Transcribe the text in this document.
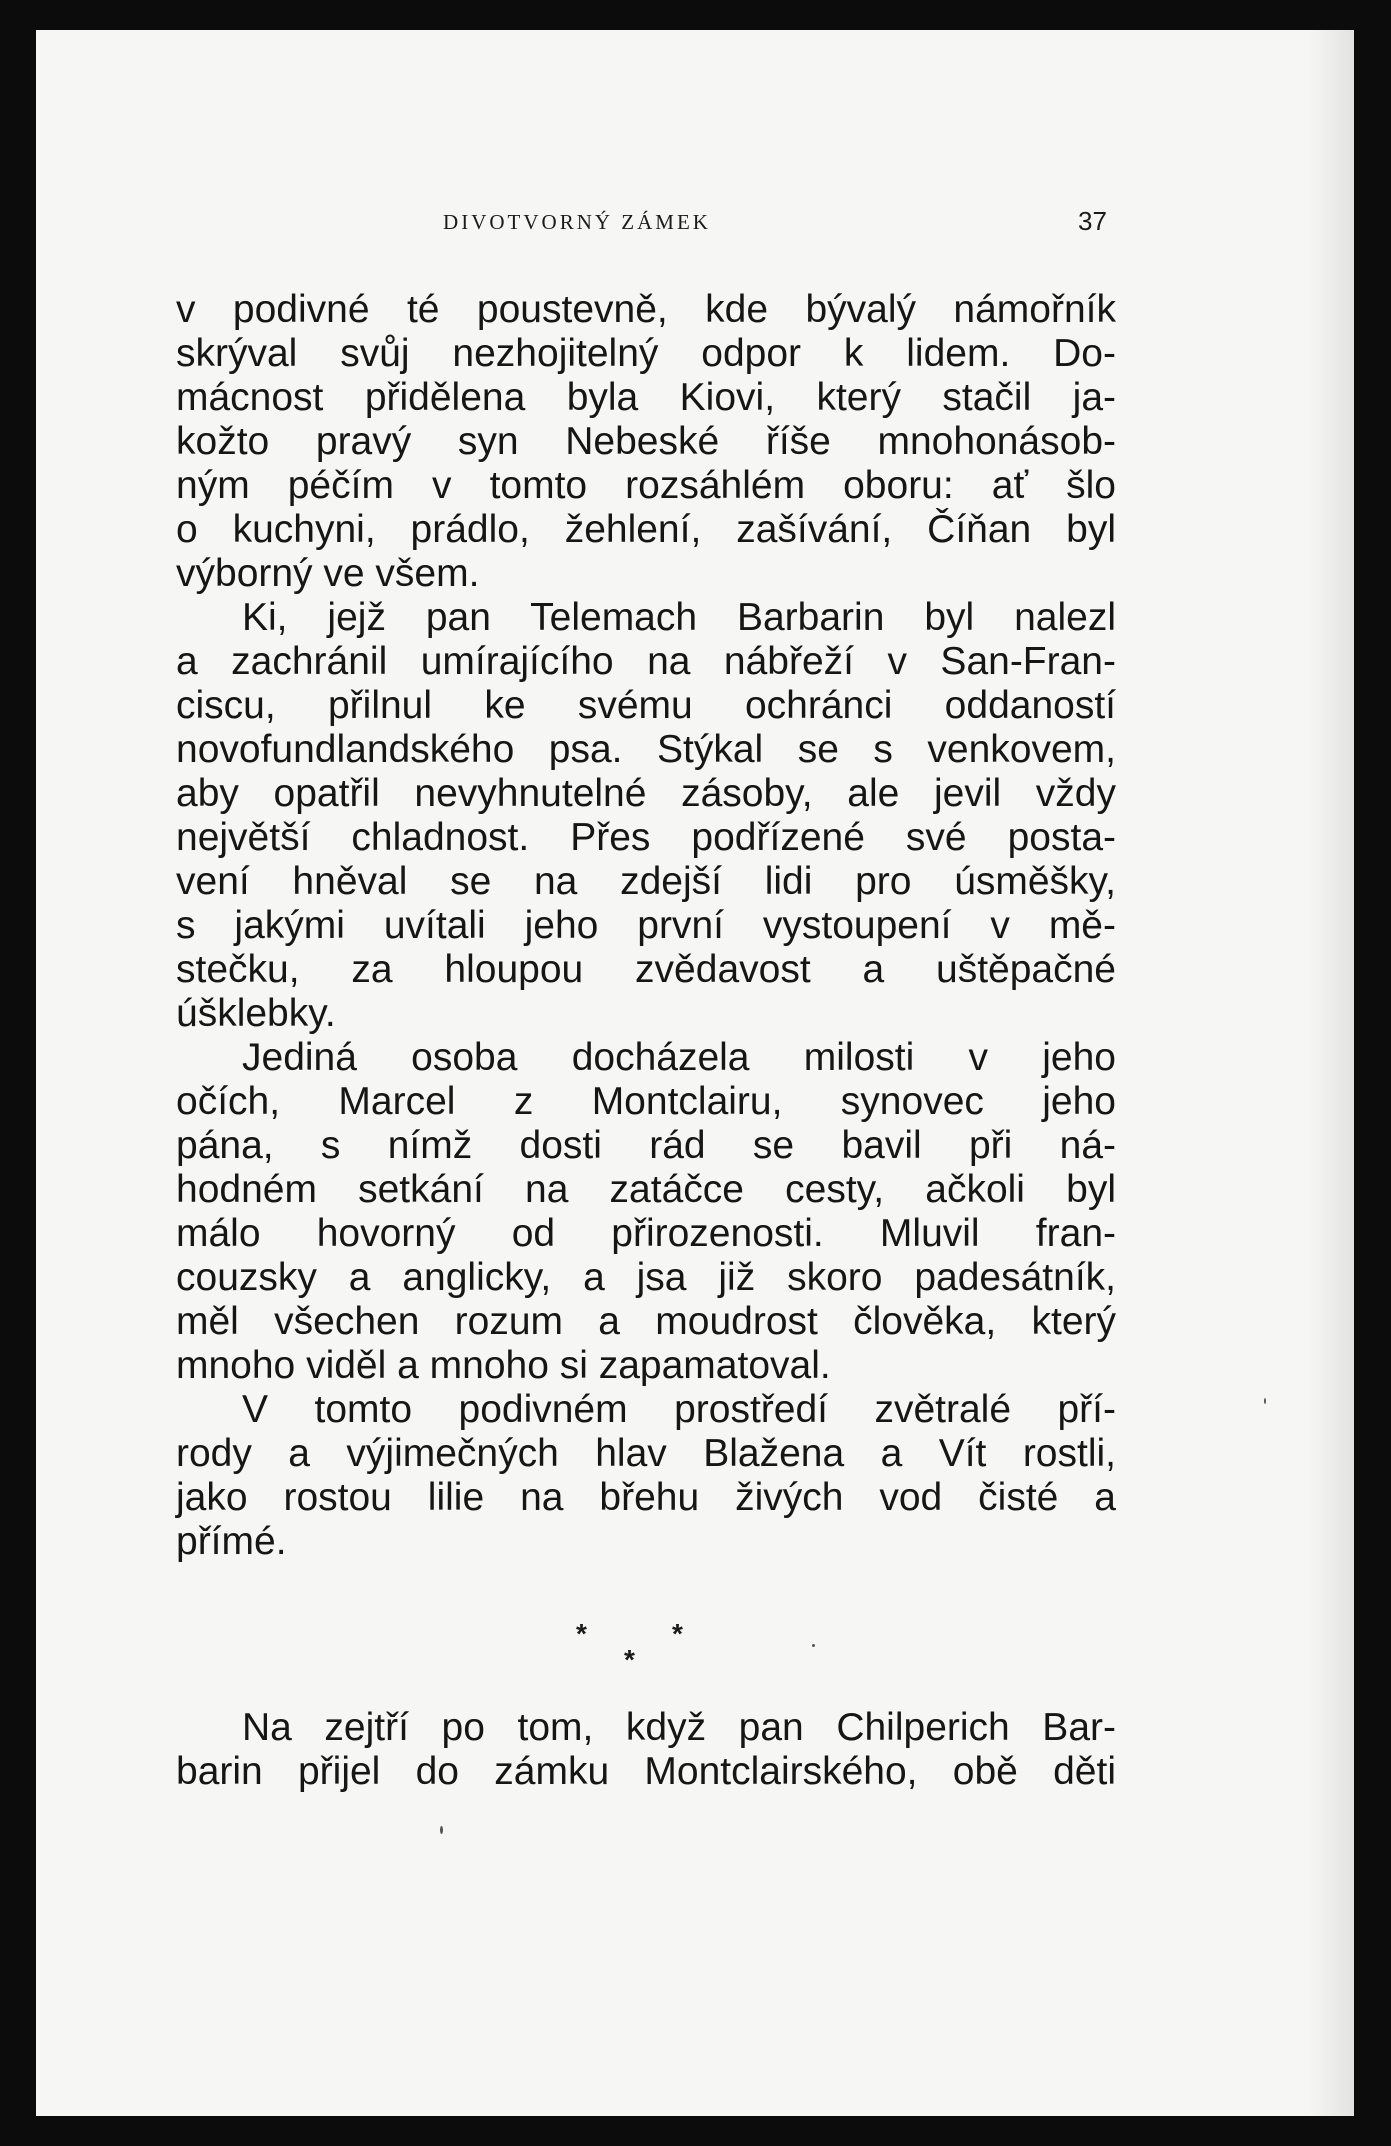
DIVOTVORNÝ ZÁMEK	37
v podivné té poustevně, kde bývalý námořník
skrýval svůj nezhojitelný odpor k lidem. Do-
mácnost přidělena byla Kiovi, který stačil ja-
kožto pravý syn Nebeské říše mnohonásob-
ným péčím v tomto rozsáhlém oboru: ať šlo
o kuchyni, prádlo, žehlení, zašívání, Číňan byl
výborný ve všem.
Ki, jejž pan Telemach Barbarin byl nalezl
a zachránil umírajícího na nábřeží v San-Fran-
ciscu, přilnul ke svému ochránci oddaností
novofundlandského psa. Stýkal se s venkovem,
aby opatřil nevyhnutelné zásoby, ale jevil vždy
největší chladnost. Přes podřízené své posta-
vení hněval se na zdejší lidi pro úsměšky,
s jakými uvítali jeho první vystoupení v mě-
stečku, za hloupou zvědavost a uštěpačné
úšklebky.
Jediná osoba docházela milosti v jeho
očích, Marcel z Montclairu, synovec jeho
pána, s nímž dosti rád se bavil při ná-
hodném setkání na zatáčce cesty, ačkoli byl
málo hovorný od přirozenosti. Mluvil fran-
couzsky a anglicky, a jsa již skoro padesátník,
měl všechen rozum a moudrost člověka, který
mnoho viděl a mnoho si zapamatoval.
V tomto podivném prostředí zvětralé pří-
rody a výjimečných hlav Blažena a Vít rostli,
jako rostou lilie na břehu živých vod čisté a
přímé.
*	*
*
Na zejtří po tom, když pan Chilperich Bar-
barin přijel do zámku Montclairského, obě děti
